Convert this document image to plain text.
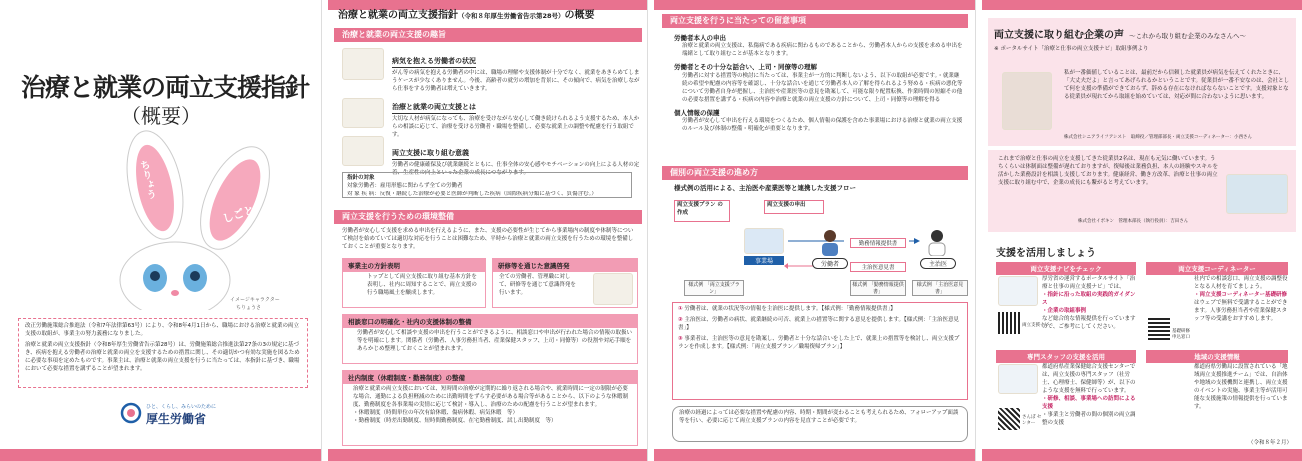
治療と就業の両立支援指針
（概要）
ちりょう
しごと
イメージキャラクター
ちりょうさ

改正労働施策総合推進法（令和7年法律第63号）により、令和8年4月1日から、職場における治療と就業の両立支援の取組が、事業主の努力義務になりました。

治療と就業の両立支援指針（令和8年厚生労働省告示第28号）は、労働施策総合推進法第27条の3の規定に基づき、疾病を抱える労働者の治療と就業の両立を支援するための措置に関し、その適切かつ有効な実施を図るために必要な事項を定めたものです。事業主は、治療と就業の両立支援を行うに当たっては、本指針に基づき、職場において必要な措置を講ずることが望まれます。

ひと、くらし、みらいのために
厚生労働省
治療と就業の両立支援指針（令和８年厚生労働省告示第28号）の概要
治療と就業の両立支援の趣旨
病気を抱える労働者の状況

がん等の病気を抱える労働者の中には、職場の理解や支援体制が十分でなく、就業をあきらめてしまうケースが少なくありません。今後、高齢者の就労の増加を背景に、その傾向で、病気を治療しながら仕事をする労働者は増えていきます。

治療と就業の両立支援とは

大切な人材が病気になっても、治療を受けながら安心して働き続けられるよう支援するため、本人からの相談に応じて、治療を受ける労働者・職場を整備し、必要な就業上の調整や配慮を行う取組です。

両立支援に取り組む意義

労働者の健康確保及び就業継続とともに、仕事全体の安心感やモチベーションの向上による人材の定着、生産性の向上といった企業の成長につながります。

指針の対象
対象労働者：雇用形態に関わらず全ての労働者
対 象 疾 病：反復・継続した治療が必要と医師が判断した疾病（国際疾病分類に基づく、負傷含む。）
両立支援を行うための環境整備

労働者が安心して支援を求める申出を行えるように、また、支援の必要性が生じてから事業場内の制度や体制等について検討を始めていては適切な対応を行うことは困難なため、平時から治療と就業の両立支援を行うための環境を整備しておくことが重要となります。

事業主の方針表明

トップとして両立支援に取り組む基本方針を表明し、社内に周知することで、両立支援の行う職場風土を醸成します。

研修等を通じた意識啓発

全ての労働者、管理職に対して、研修等を通じて意識啓発を行います。

相談窓口の明確化・社内の支援体制の整備

労働者が安心して相談や支援の申出を行うことができるように、相談窓口や申出が行われた場合の情報の取扱い等を明確にします。関係者（労働者、人事労務担当者、産業保健スタッフ、上司・同僚等）の役割や対応手順をあらかじめ整理しておくことが望まれます。

社内制度（休暇制度・勤務制度）の整備

治療と就業の両立支援においては、短時間の治療が定期的に繰り返される場合や、就業時間に一定の制限が必要な場合、通勤による負担軽減のために出勤時間をずらす必要がある場合等があることから、以下のような休暇制度、勤務制度を各事業場の実情に応じて検討・導入し、治療のための配慮を行うことが望まれます。

・休暇制度（時間単位の年次有給休暇、傷病休暇、病気休暇　等）

・勤務制度（時差出勤制度、短時間勤務制度、在宅勤務制度、試し出勤制度　等）

両立支援を行うに当たっての留意事項
労働者本人の申出

治療と就業の両立支援は、私傷病である疾病に関わるものであることから、労働者本人からの支援を求める申出を端緒として取り組むことが基本となります。

労働者とその十分な話合い、上司・同僚等の理解

労働者に対する措置等の検討に当たっては、事業主が一方的に判断しないよう、以下の取組が必要です。・就業継続の希望や配慮の内容等を確認し、十分な話合いを通じて労働者本人の了解を得られるよう努める・疾病の悪化等について労働者自身が把握し、主治医や産業医等の意見を勘案して、可能な限り配置転換、作業時間の短縮その他の必要な措置を講ずる・疾病の内容や治療と就業の両立支援の方針について、上司・同僚等の理解を得る

個人情報の保護

労働者が安心して申出を行える環境をつくるため、個人情報の保護を含めた事業場における治療と就業の両立支援のルール及び体制の整備・明確化が重要となります。

個別の両立支援の進め方
様式例の活用による、主治医や産業医等と連携した支援フロー
両立支援プラン の作成
両立支援の申出
事業場
勤務情報提供書
主治医意見書
労働者	主治医
様式例 「両立支援プラン」
様式例 「勤務情報提供書」
様式例 「主治医意見書」

① 労働者は、就業の状況等の情報を主治医に提供します。【様式例：「勤務情報提供書」】

② 主治医は、労働者の病状、就業継続の可否、就業上の措置等に関する意見を提供します。【様式例：「主治医意見書」】

③ 事業者は、主治医等の意見を勘案し、労働者と十分な話合いをした上で、就業上の措置等を検討し、両立支援プランを作成します。【様式例：「両立支援プラン／職場復帰プラン」】

治療の経過によっては必要な措置や配慮の内容、時期・期間が変わることも考えられるため、フォローアップ面談等を行い、必要に応じて両立支援プランの内容を見直すことが必要です。

両立支援に取り組む企業の声 〜これから取り組む企業のみなさんへ〜
※ ポータルサイト「治療と仕事の両立支援ナビ」取組事例より

私が一番価値していることは、最前だから信頼した就業員が病気を伝えてくれたときに、「大丈夫だよ」と言ってあげられるかということです。従業員が一番不安なのは、会社として何を支援の準備ができておらず、辞める存在になければならないことです。支援対象となる従業員が現れてから取組を始めていては、対応が間に合わないように思います。

株式会社シニアライフアシスト　取締役／管理部部長・両立支援コーディネーター：小西さん

これまで治療と仕事の両立を支援してきた従業員2名は、現在も元気に働いています。うちくらいは体制面は整備が遅れておりますが、復帰後は業務負担、本人の経験やスキルを活かした業務設計を相談し支援しております。健康経営、働き方改革、治療と仕事の両立支援に取り組む中で、企業の成長にも繋がると考えています。

株式会社イボキン　管理本部長（執行役員）：吉田さん

支援を活用しましょう
両立支援ナビをチェック

厚労省の運営するポータルサイト「治療と仕事の両立支援ナビ」では、

・指針に沿った取組の実践的ガイダンス

・企業の取組事例

など総合的な情報提供を行っていますので、ご参考にしてください。

両立支援ナビ
両立支援コーディネーター

社内での相談窓口、両立支援の調整役となる人材を育てましょう。

・両立支援コーディネーター基礎研修

はウェブで無料で受講することができます。人事労務担当者や産業保健スタッフ等の受講をおすすめします。

基礎研修 申込窓口
専門スタッフの支援を活用

都道府県産業保健総合支援センターでは、両立支援の専門スタッフ（社労士、心理療士、保健師等）が、以下のような支援を無料で行っています。

・研修、相談、事業場への訪問による支援

・事業主と労働者の間の個別の両立調整の支援

さんぽ センター
地域の支援情報

都道府県労働局に設置されている「地域両立支援推進チーム」では、自治体や地域の支援機関と連携し、両立支援のイベントの実施、事業主等が活用可能な支援施策の情報提供を行っています。

（令和８年２月）
